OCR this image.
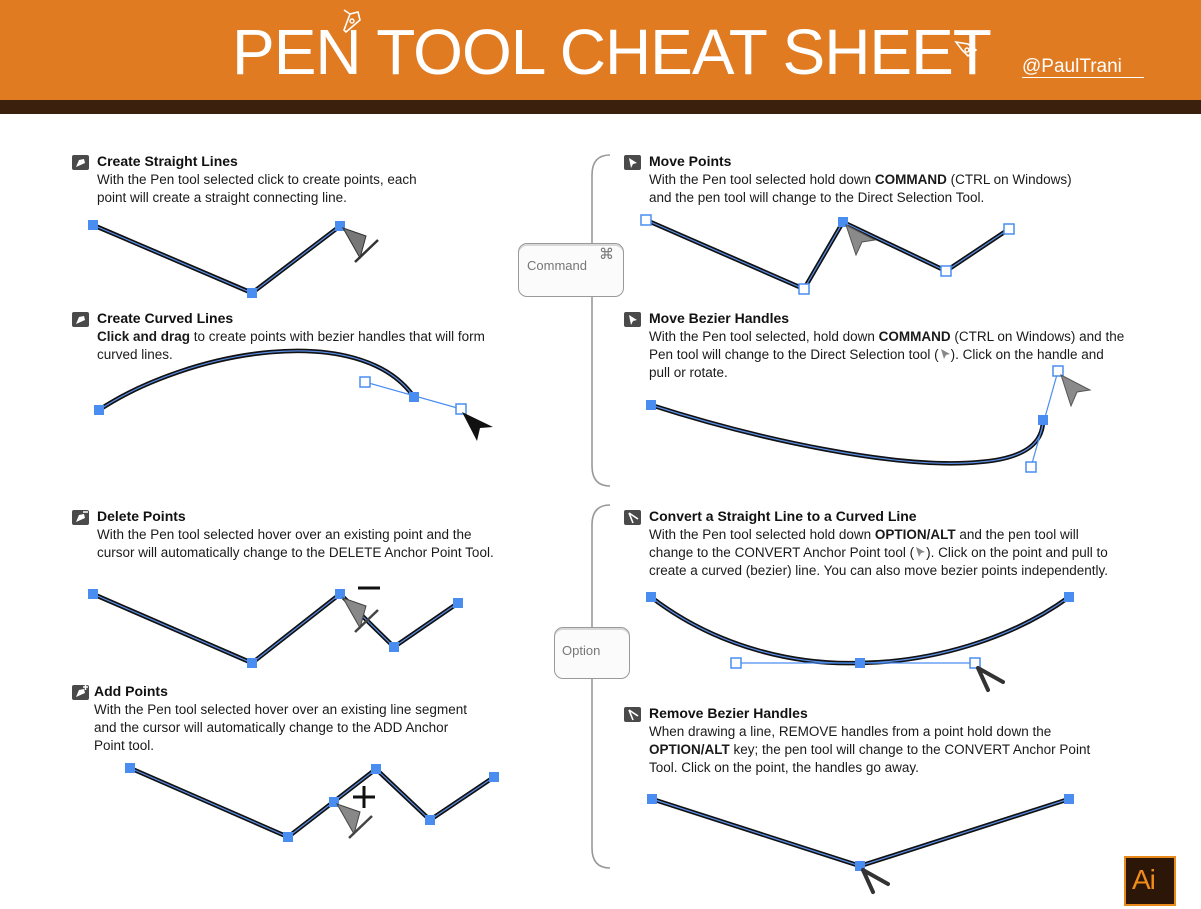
PEN TOOL CHEAT SHEET @PaulTrani
Command
⌘
Option
Create Straight Lines
With the Pen tool selected click to create points, each
point will create a straight connecting line.
Create Curved Lines
Click and drag to create points with bezier handles that will form
curved lines.
Delete Points
With the Pen tool selected hover over an existing point and the
cursor will automatically change to the DELETE Anchor Point Tool.
Add Points
With the Pen tool selected hover over an existing line segment
and the cursor will automatically change to the ADD Anchor
Point tool.
Move Points
With the Pen tool selected hold down COMMAND (CTRL on Windows)
and the pen tool will change to the Direct Selection Tool.
Move Bezier Handles
With the Pen tool selected, hold down COMMAND (CTRL on Windows) and the
Pen tool will change to the Direct Selection tool ( ). Click on the handle and
pull or rotate.
Convert a Straight Line to a Curved Line
With the Pen tool selected hold down OPTION/ALT and the pen tool will
change to the CONVERT Anchor Point tool ( ). Click on the point and pull to
create a curved (bezier) line. You can also move bezier points independently.
Remove Bezier Handles
When drawing a line, REMOVE handles from a point hold down the
OPTION/ALT key; the pen tool will change to the CONVERT Anchor Point
Tool. Click on the point, the handles go away.
Ai
